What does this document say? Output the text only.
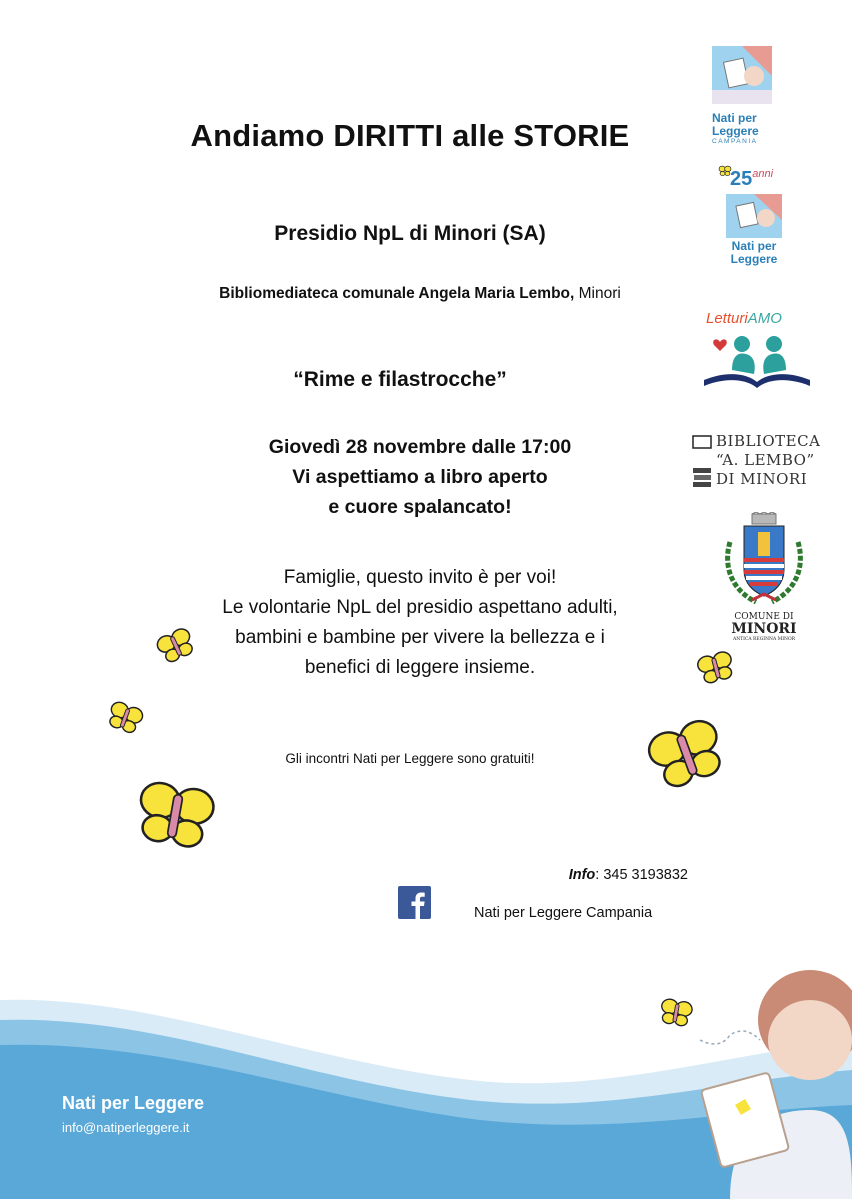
Andiamo DIRITTI alle STORIE
Presidio NpL di Minori (SA)
Bibliomediateca comunale Angela Maria Lembo, Minori
“Rime e filastrocche”
Giovedì 28 novembre dalle 17:00
Vi aspettiamo a libro aperto
e cuore spalancato!
Famiglie, questo invito è per voi!
Le volontarie NpL del presidio aspettano adulti,
bambini e bambine per vivere la bellezza e i
benefici di leggere insieme.
Gli incontri Nati per Leggere sono gratuiti!
Info: 345 3193832
Nati per Leggere Campania
Nati per Leggere
info@natiperleggere.it
Nati per
Leggere
CAMPANIA
$25^{anni}$
Nati per
Leggere
LetturiAMO
BIBLIOTECA
“A. LEMBO”
DI MINORI
COMUNE DI
MINORI
ANTICA REGINNA MINOR
